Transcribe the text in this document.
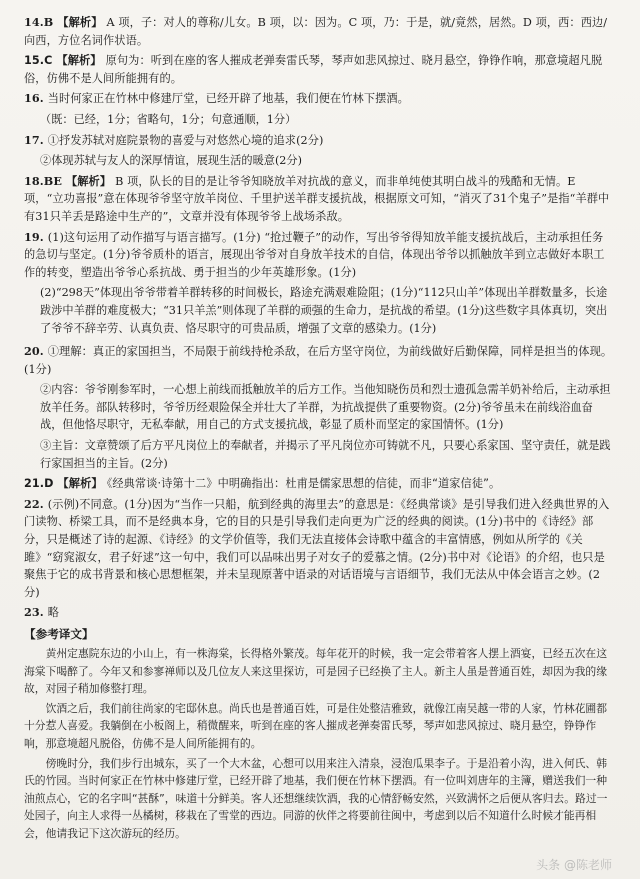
14.B 【解析】 A 项，子：对人的尊称/儿女。B 项，以：因为。C 项，乃：于是，就/竟然，居然。D 项，西：西边/向西，方位名词作状语。
15.C 【解析】 原句为：听到在座的客人摧成老弹奏雷氏琴，琴声如悲风掠过、晓月悬空，铮铮作响，那意境超凡脱俗，仿佛不是人间所能拥有的。
16. 当时何家正在竹林中修建厅堂，已经开辟了地基，我们便在竹林下摆酒。
（既：已经，1分；省略句，1分；句意通顺，1分）
17. ①抒发苏轼对庭院景物的喜爱与对悠然心境的追求(2分)
②体现苏轼与友人的深厚情谊，展现生活的暖意(2分)
18.BE 【解析】 B 项，队长的目的是让爷爷知晓放羊对抗战的意义，而非单纯使其明白战斗的残酷和无情。E 项，“立功喜报”意在体现爷爷坚守放羊岗位、千里护送羊群支援抗战，根据原文可知，“消灭了31个鬼子”是指“羊群中有31只羊丢是路途中生产的”，文章并没有体现爷爷上战场杀敌。
19. (1)这句运用了动作描写与语言描写。(1分) “抢过鞭子”的动作，写出爷爷得知放羊能支援抗战后，主动承担任务的急切与坚定。(1分)爷爷质朴的语言，展现出爷爷对自身放羊技术的自信，体现出爷爷以抓触放羊到立志做好本职工作的转变，塑造出爷爷心系抗战、勇于担当的少年英雄形象。(1分)
(2)“298天”体现出爷爷带着羊群转移的时间极长，路途充满艰难险阻；(1分)“112只山羊”体现出羊群数量多，长途跋涉中羊群的难度极大；“31只羊羔”则体现了羊群的顽强的生命力，是抗战的希望。(1分)这些数字具体真切，突出了爷爷不辞辛劳、认真负责、恪尽职守的可贵品质，增强了文章的感染力。(1分)
20. ①理解：真正的家国担当，不局限于前线持枪杀敌，在后方坚守岗位，为前线做好后勤保障，同样是担当的体现。(1分)
②内容：爷爷刚参军时，一心想上前线而抵触放羊的后方工作。当他知晓伤员和烈士遗孤急需羊奶补给后，主动承担放羊任务。部队转移时，爷爷历经艰险保全并壮大了羊群，为抗战提供了重要物资。(2分)爷爷虽未在前线浴血奋战，但他恪尽职守，无私奉献，用自己的方式支援抗战，彰显了质朴而坚定的家国情怀。(1分)
③主旨：文章赞颂了后方平凡岗位上的奉献者，并揭示了平凡岗位亦可铸就不凡，只要心系家国、坚守责任，就是践行家国担当的主旨。(2分)
21.D 【解析】 《经典常谈·诗第十二》中明确指出：杜甫是儒家思想的信徒，而非“道家信徒”。
22. (示例)不同意。(1分)因为“当作一只船，航到经典的海里去”的意思是：《经典常谈》是引导我们进入经典世界的入门读物、桥梁工具，而不是经典本身，它的目的只是引导我们走向更为广泛的经典的阅读。(1分)书中的《诗经》部分，只是概述了诗的起源、《诗经》的文学价值等，我们无法直接体会诗歌中蕴含的丰富情感，例如从所学的《关雎》“窈窕淑女，君子好逑”这一句中，我们可以品味出男子对女子的爱慕之情。(2分)书中对《论语》的介绍，也只是聚焦于它的成书背景和核心思想框架，并未呈现原著中语录的对话语境与言语细节，我们无法从中体会语言之妙。(2分)
23. 略
【参考译文】

黄州定惠院东边的小山上，有一株海棠，长得格外繁茂。每年花开的时候，我一定会带着客人摆上酒宴，已经五次在这海棠下喝醉了。今年又和参寥禅师以及几位友人来这里探访，可是园子已经换了主人。新主人虽是普通百姓，却因为我的缘故，对园子稍加修整打理。

饮酒之后，我们前往尚家的宅邸休息。尚氏也是普通百姓，可是住处整洁雅致，就像江南吴越一带的人家，竹林花圃都十分惹人喜爱。我躺倒在小板阁上，稍微醒来，听到在座的客人摧成老弹奏雷氏琴，琴声如悲风掠过、晓月悬空，铮铮作响，那意境超凡脱俗，仿佛不是人间所能拥有的。

傍晚时分，我们步行出城东，买了一个大木盆，心想可以用来注入清泉，浸泡瓜果李子。于是沿着小沟，进入何氏、韩氏的竹园。当时何家正在竹林中修建厅堂，已经开辟了地基，我们便在竹林下摆酒。有一位叫刘唐年的主簿，赠送我们一种油煎点心，它的名字叫“甚酥”，味道十分鲜美。客人还想继续饮酒，我的心情舒畅安然，兴致满怀之后便从客归去。路过一处园子，向主人求得一丛橘树，移栽在了雪堂的西边。同游的伙伴之将要前往闽中，考虑到以后不知道什么时候才能再相会，他请我记下这次游玩的经历。

头条 @陈老师
